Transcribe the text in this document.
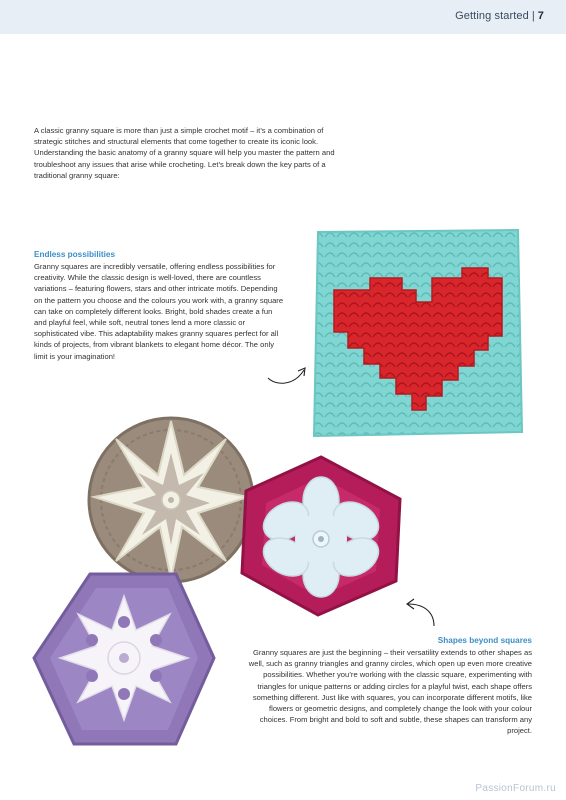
Getting started | 7
A classic granny square is more than just a simple crochet motif – it’s a combination of strategic stitches and structural elements that come together to create its iconic look. Understanding the basic anatomy of a granny square will help you master the pattern and troubleshoot any issues that arise while crocheting. Let’s break down the key parts of a traditional granny square:
Endless possibilities
Granny squares are incredibly versatile, offering endless possibilities for creativity. While the classic design is well-loved, there are countless variations – featuring flowers, stars and other intricate motifs. Depending on the pattern you choose and the colours you work with, a granny square can take on completely different looks. Bright, bold shades create a fun and playful feel, while soft, neutral tones lend a more classic or sophisticated vibe. This adaptability makes granny squares perfect for all kinds of projects, from vibrant blankets to elegant home décor. The only limit is your imagination!
Shapes beyond squares
Granny squares are just the beginning – their versatility extends to other shapes as well, such as granny triangles and granny circles, which open up even more creative possibilities. Whether you’re working with the classic square, experimenting with triangles for unique patterns or adding circles for a playful twist, each shape offers something different. Just like with squares, you can incorporate different motifs, like flowers or geometric designs, and completely change the look with your colour choices. From bright and bold to soft and subtle, these shapes can transform any project.
PassionForum.ru
